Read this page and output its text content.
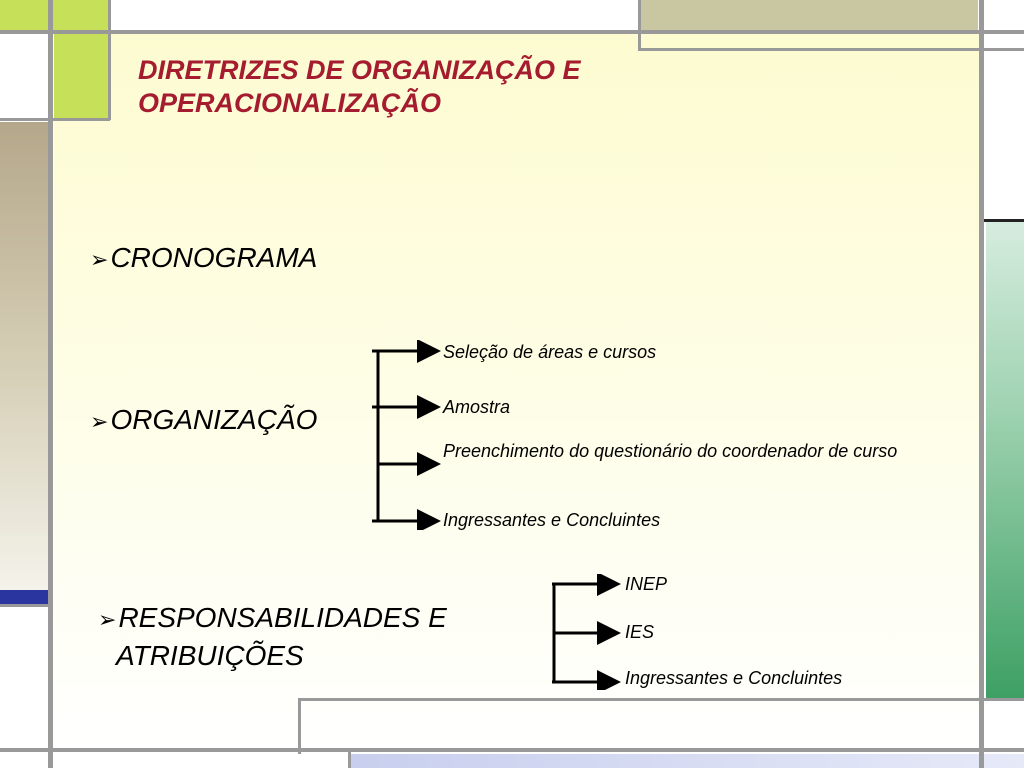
DIRETRIZES DE ORGANIZAÇÃO E
OPERACIONALIZAÇÃO
➢CRONOGRAMA
➢ORGANIZAÇÃO
➢RESPONSABILIDADES E
ATRIBUIÇÕES
Seleção de áreas e cursos
Amostra
Preenchimento do questionário do coordenador de curso
Ingressantes e Concluintes
INEP
IES
Ingressantes e Concluintes
